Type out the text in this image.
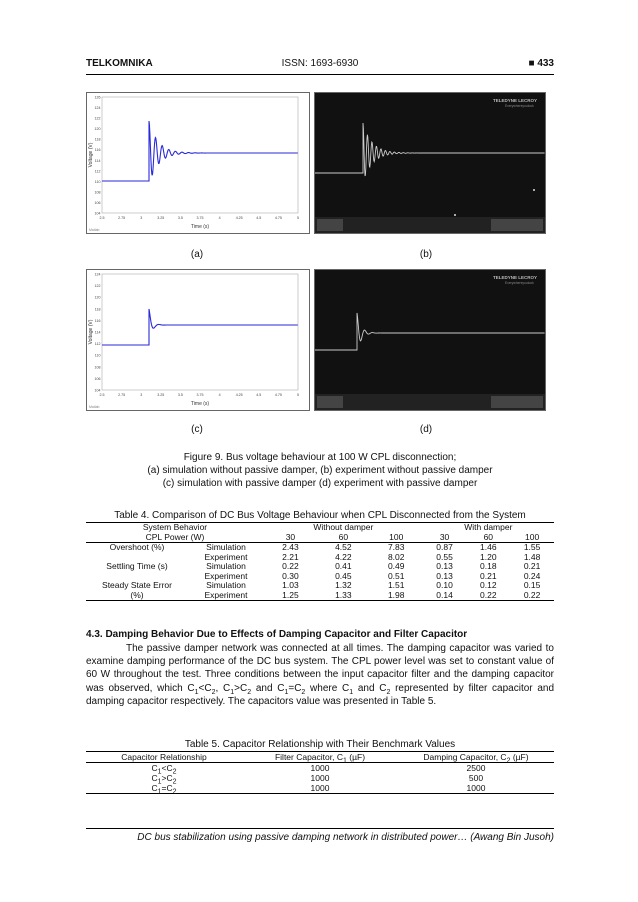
TELKOMNIKA	ISSN: 1693-6930	■ 433
126
124
122
120
118
116
114
112
110
108
106
104
2.5	2.75	3	3.25	3.5	3.75	4	4.25	4.5	4.75	5
Time (s)
Voltage (V)
Matlab
(a)
TELEDYNE LECROY
Everywhereyoulook
(b)
124
122
120
118
116
114
112
110
108
106
104
2.5	2.75	3	3.25	3.5	3.75	4	4.25	4.5	4.75	5
Time (s)
Voltage (V)
Matlab
(c)
TELEDYNE LECROY
Everywhereyoulook
(d)
Figure 9. Bus voltage behaviour at 100 W CPL disconnection;
(a) simulation without passive damper, (b) experiment without passive damper
(c) simulation with passive damper (d) experiment with passive damper
Table 4. Comparison of DC Bus Voltage Behaviour when CPL Disconnected from the System
System Behavior		Without damper			With damper		
CPL Power (W)		30	60	100	30	60	100
Overshoot (%)	Simulation	2.43	4.52	7.83	0.87	1.46	1.55
	Experiment	2.21	4.22	8.02	0.55	1.20	1.48
Settling Time (s)	Simulation	0.22	0.41	0.49	0.13	0.18	0.21
	Experiment	0.30	0.45	0.51	0.13	0.21	0.24
Steady State Error	Simulation	1.03	1.32	1.51	0.10	0.12	0.15
(%)	Experiment	1.25	1.33	1.98	0.14	0.22	0.22
4.3. Damping Behavior Due to Effects of Damping Capacitor and Filter Capacitor
The passive damper network was connected at all times. The damping capacitor was varied to examine damping performance of the DC bus system. The CPL power level was set to constant value of 60 W throughout the test. Three conditions between the input capacitor filter and the damping capacitor was observed, which $C_1<C_2$, $C_1>C_2$ and $C_1=C_2$ where $C_1$ and $C_2$ represented by filter capacitor and damping capacitor respectively. The capacitors value was presented in Table 5.
Table 5. Capacitor Relationship with Their Benchmark Values
Capacitor Relationship	Filter Capacitor, $C_1$ (µF)	Damping Capacitor, $C_2$ (µF)
$C_1<C_2$	1000	2500
$C_1>C_2$	1000	500
$C_1=C_2$	1000	1000
DC bus stabilization using passive damping network in distributed power… (Awang Bin Jusoh)
